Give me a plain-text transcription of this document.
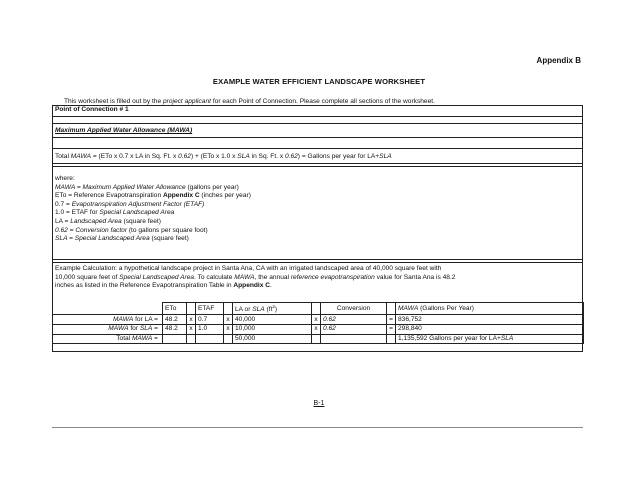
Appendix B
EXAMPLE WATER EFFICIENT LANDSCAPE WORKSHEET
This worksheet is filled out by the project applicant for each Point of Connection. Please complete all sections of the worksheet.
Point of Connection # 1
Maximum Applied Water Allowance (MAWA)
Total MAWA = (ETo x 0.7 x LA in Sq. Ft. x 0.62) + (ETo x 1.0 x SLA in Sq. Ft. x 0.62) = Gallons per year for LA+SLA
where:
MAWA = Maximum Applied Water Allowance (gallons per year)
ETo = Reference Evapotranspiration Appendix C (inches per year)
0.7 = Evapotranspiration Adjustment Factor (ETAF)
1.0 = ETAF for Special Landscaped Area
LA = Landscaped Area (square feet)
0.62 = Conversion factor (to gallons per square foot)
SLA = Special Landscaped Area (square feet)
Example Calculation: a hypothetical landscape project in Santa Ana, CA with an irrigated landscaped area of 40,000 square feet with
10,000 square feet of Special Landscaped Area. To calculate MAWA, the annual reference evapotranspiration value for Santa Ana is 48.2
inches as listed in the Reference Evapotranspiration Table in Appendix C.
	ETo		ETAF		LA or SLA $(ft^2)$		Conversion		MAWA (Gallons Per Year)
MAWA for LA =	48.2	x	0.7	x	40,000	x	0.62	=	836,752
MAWA for SLA =	48.2	x	1.0	x	10,000	x	0.62	=	298,840
Total MAWA =					50,000				1,135,592 Gallons per year for LA+SLA
B-1
